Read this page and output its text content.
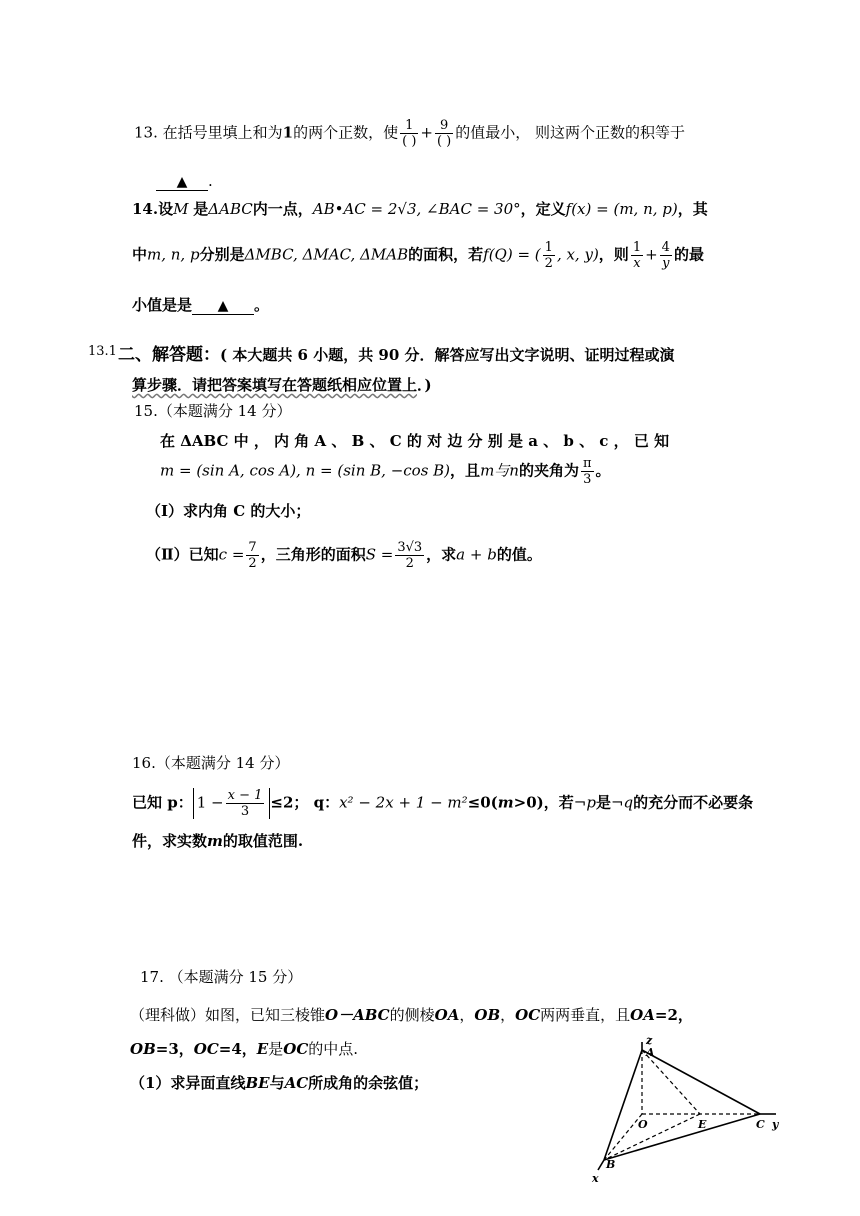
13. 在括号里填上和为1的两个正数，使 $\frac{1}{( )} + \frac{9}{( )}$ 的值最小， 则这两个正数的积等于
▲ .
14.设M 是ΔABC内一点，AB•AC = 2√3, ∠BAC = 30°，定义f(x) = (m, n, p)，其
中m, n, p分别是ΔMBC, ΔMAC, ΔMAB的面积，若f(Q) = ( $\frac{1}{2}$ , x, y)，则 $\frac{1}{x} + \frac{4}{y}$ 的最
小值是是 ▲ 。
13.1 二、解答题：( 本大题共 6 小题，共 90 分．解答应写出文字说明、证明过程或演
算步骤．请把答案填写在答题纸相应位置上．)
15.（本题满分 14 分）
在 ΔABC 中 ， 内 角 A 、 B 、 C 的 对 边 分 别 是 a 、 b 、 c ， 已 知
m = (sin A, cos A), n = (sin B, −cos B)，且m与n的夹角为 $\frac{\pi}{3}$ 。
（Ⅰ）求内角 C 的大小；
（Ⅱ）已知$c = \frac{7}{2}$ ，三角形的面积$S = \frac{3√3}{2}$ ，求a + b的值。
16.（本题满分 14 分）
已知 p： $1 - \frac{x - 1}{3} \le 2$； q：x² − 2x + 1 − m²≤0(m>0)，若¬p是¬q的充分而不必要条
件，求实数m的取值范围.
17. （本题满分 15 分）
（理科做）如图，已知三棱锥O－ABC的侧棱OA，OB，OC两两垂直，且OA=2，
OB=3，OC=4，E是OC的中点.
（1）求异面直线BE与AC所成角的余弦值；
z
A
O	E	C y
B
x
